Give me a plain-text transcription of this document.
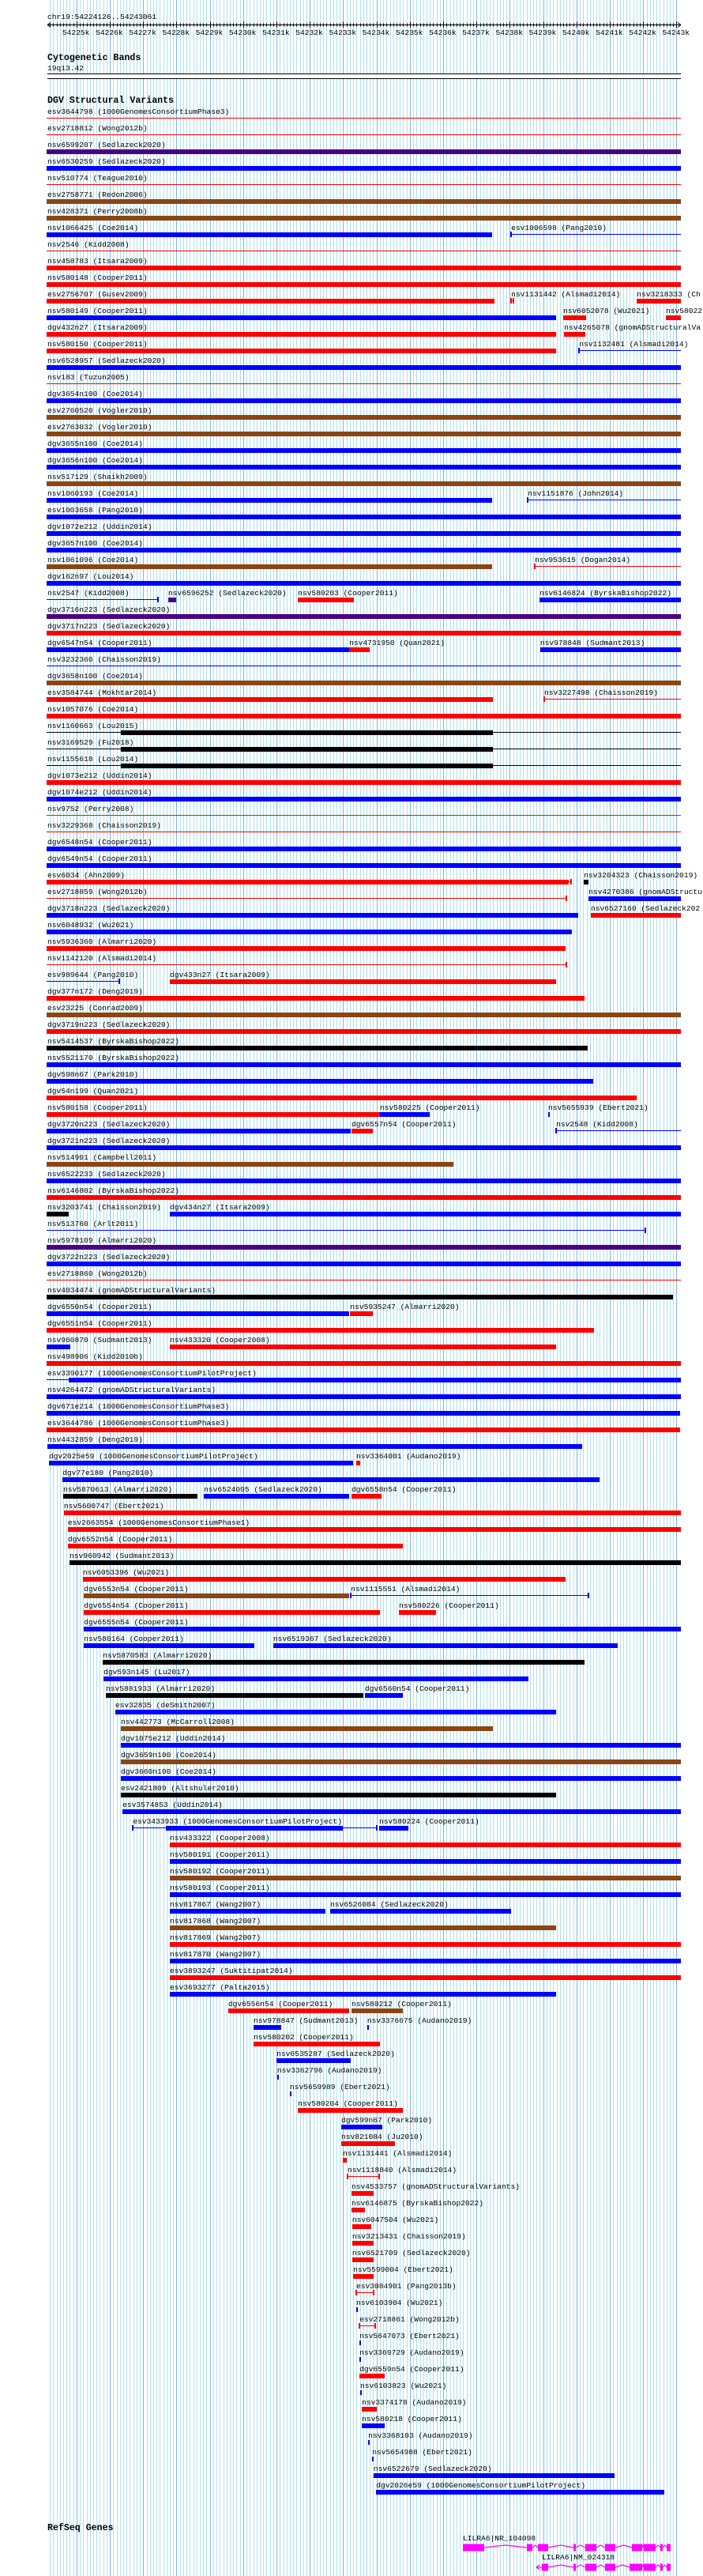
chr19:54224126..54243061
Cytogenetic Bands
19q13.42
DGV Structural Variants
esv3644798 (1000GenomesConsortiumPhase3)
esv2718812 (Wong2012b)
nsv6599207 (Sedlazeck2020)
nsv6530259 (Sedlazeck2020)
nsv510774 (Teague2010)
esv2758771 (Redon2006)
nsv428371 (Perry2008b)
nsv1066425 (Coe2014)	esv1006598 (Pang2010)
nsv2546 (Kidd2008)
nsv458783 (Itsara2009)
nsv580148 (Cooper2011)
esv2756707 (Gusev2009)	nsv1131442 (Alsmadi2014) nsv3218333 (Ch
nsv580149 (Cooper2011)	nsv6052078 (Wu2021) nsv58022
dgv432n27 (Itsara2009)	nsv4265078 (gnomADStructuralVa
nsv580150 (Cooper2011)	nsv1132481 (Alsmadi2014)
nsv6528957 (Sedlazeck2020)
nsv183 (Tuzun2005)
dgv3654n100 (Coe2014)
esv2760520 (Vogler2010)
esv2763032 (Vogler2010)
dgv3655n100 (Coe2014)
dgv3656n100 (Coe2014)
nsv517129 (Shaikh2009)
nsv1060193 (Coe2014)	nsv1151876 (John2014)
esv1003658 (Pang2010)
dgv1072e212 (Uddin2014)
dgv3657n100 (Coe2014)
nsv1061096 (Coe2014)	nsv953615 (Dogan2014)
dgv162n97 (Lou2014)
nsv2547 (Kidd2008)	nsv6596252 (Sedlazeck2020) nsv580203 (Cooper2011)	nsv6146824 (ByrskaBishop2022)
dgv3716n223 (Sedlazeck2020)
dgv3717n223 (Sedlazeck2020)
dgv6547n54 (Cooper2011)	nsv4731950 (Quan2021)	nsv978848 (Sudmant2013)
nsv3232360 (Chaisson2019)
dgv3658n100 (Coe2014)
esv3584744 (Mokhtar2014)	nsv3227498 (Chaisson2019)
nsv1057076 (Coe2014)
nsv1160663 (Lou2015)
nsv3169529 (Fu2018)
nsv1155618 (Lou2014)
dgv1073e212 (Uddin2014)
dgv1074e212 (Uddin2014)
nsv9752 (Perry2008)
nsv3229368 (Chaisson2019)
dgv6548n54 (Cooper2011)
dgv6549n54 (Cooper2011)
esv6034 (Ahn2009)	nsv3204323 (Chaisson2019)
esv2718859 (Wong2012b)	nsv4270386 (gnomADStructu
dgv3718n223 (Sedlazeck2020)	nsv6527160 (Sedlazeck202
nsv6048932 (Wu2021)
nsv5936360 (Almarri2020)
nsv1142120 (Alsmadi2014)
esv989644 (Pang2010)	dgv433n27 (Itsara2009)
dgv377n172 (Deng2019)
esv23225 (Conrad2009)
dgv3719n223 (Sedlazeck2020)
nsv5414537 (ByrskaBishop2022)
nsv5521170 (ByrskaBishop2022)
dgv598n67 (Park2010)
dgv54n199 (Quan2021)
nsv580158 (Cooper2011)	nsv580225 (Cooper2011)	nsv5655939 (Ebert2021)
dgv3720n223 (Sedlazeck2020)	dgv6557n54 (Cooper2011)	nsv2548 (Kidd2008)
dgv3721n223 (Sedlazeck2020)
nsv514901 (Campbell2011)
nsv6522233 (Sedlazeck2020)
nsv6146802 (ByrskaBishop2022)
nsv3203741 (Chaisson2019) dgv434n27 (Itsara2009)
nsv513760 (Arlt2011)
nsv5978109 (Almarri2020)
dgv3722n223 (Sedlazeck2020)
esv2718860 (Wong2012b)
nsv4034474 (gnomADStructuralVariants)
dgv6550n54 (Cooper2011)	nsv5935247 (Almarri2020)
dgv6551n54 (Cooper2011)
nsv960870 (Sudmant2013) nsv433320 (Cooper2008)
nsv498906 (Kidd2010b)
esv3390177 (1000GenomesConsortiumPilotProject)
nsv4264472 (gnomADStructuralVariants)
dgv671e214 (1000GenomesConsortiumPhase3)
esv3644786 (1000GenomesConsortiumPhase3)
nsv4432859 (Deng2019)
dgv2025e59 (1000GenomesConsortiumPilotProject)	nsv3364001 (Audano2019)
dgv77e180 (Pang2010)
nsv5870613 (Almarri2020)	nsv6524095 (Sedlazeck2020)	dgv6558n54 (Cooper2011)
nsv5600747 (Ebert2021)
esv2663554 (1000GenomesConsortiumPhase1)
dgv6552n54 (Cooper2011)
nsv960942 (Sudmant2013)
nsv6053396 (Wu2021)
dgv6553n54 (Cooper2011)	nsv1115551 (Alsmadi2014)
dgv6554n54 (Cooper2011)	nsv580226 (Cooper2011)
dgv6555n54 (Cooper2011)
nsv580164 (Cooper2011)	nsv6519367 (Sedlazeck2020)
nsv5870583 (Almarri2020)
dgv593n145 (Lu2017)
nsv5881933 (Almarri2020)	dgv6560n54 (Cooper2011)
esv32835 (deSmith2007)
nsv442773 (McCarroll2008)
dgv1075e212 (Uddin2014)
dgv3659n100 (Coe2014)
dgv3660n100 (Coe2014)
esv2421809 (Altshuler2010)
esv3574853 (Uddin2014)
esv3433933 (1000GenomesConsortiumPilotProject)	nsv580224 (Cooper2011)
nsv433322 (Cooper2008)
nsv580191 (Cooper2011)
nsv580192 (Cooper2011)
nsv580193 (Cooper2011)
nsv817867 (Wang2007)	nsv6526084 (Sedlazeck2020)
nsv817868 (Wang2007)
nsv817869 (Wang2007)
nsv817870 (Wang2007)
esv3893247 (Suktitipat2014)
esv3693277 (Palta2015)
dgv6556n54 (Cooper2011) nsv580212 (Cooper2011)
nsv978847 (Sudmant2013) nsv3376675 (Audano2019)
nsv580202 (Cooper2011)
nsv6535287 (Sedlazeck2020)
nsv3362796 (Audano2019)
nsv5659989 (Ebert2021)
nsv580204 (Cooper2011)
dgv599n67 (Park2010)
nsv821084 (Ju2010)
nsv1131441 (Alsmadi2014)
nsv1118840 (Alsmadi2014)
nsv4533757 (gnomADStructuralVariants)
nsv6146875 (ByrskaBishop2022)
nsv6047504 (Wu2021)
nsv3213431 (Chaisson2019)
nsv6521709 (Sedlazeck2020)
nsv5599004 (Ebert2021)
esv3084901 (Pang2013b)
nsv6103904 (Wu2021)
esv2718861 (Wong2012b)
nsv5647073 (Ebert2021)
nsv3369729 (Audano2019)
dgv6559n54 (Cooper2011)
nsv6103823 (Wu2021)
nsv3374178 (Audano2019)
nsv580218 (Cooper2011)
nsv3368103 (Audano2019)
nsv5654988 (Ebert2021)
nsv6522679 (Sedlazeck2020)
dgv2026e59 (1000GenomesConsortiumPilotProject)
RefSeq Genes
LILRA6|NR_104098
LILRA6|NM_024318
54225k 54226k 54227k 54228k 54229k 54230k 54231k 54232k 54233k 54234k 54235k 54236k 54237k 54238k 54239k 54240k 54241k 54242k 54243k
